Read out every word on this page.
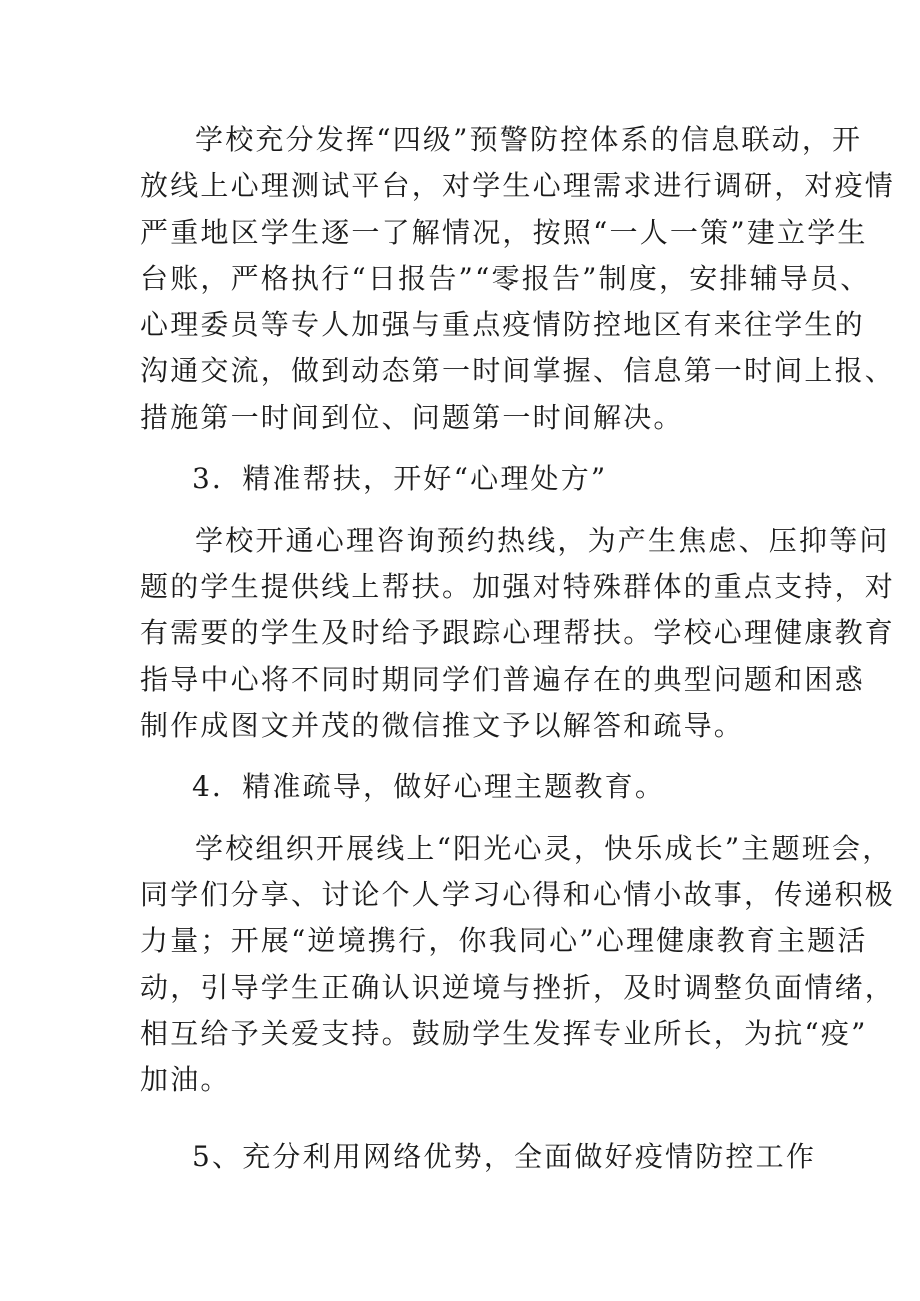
学校充分发挥“四级”预警防控体系的信息联动，开
放线上心理测试平台，对学生心理需求进行调研，对疫情
严重地区学生逐一了解情况，按照“一人一策”建立学生
台账，严格执行“日报告”“零报告”制度，安排辅导员、
心理委员等专人加强与重点疫情防控地区有来往学生的
沟通交流，做到动态第一时间掌握、信息第一时间上报、
措施第一时间到位、问题第一时间解决。
3．精准帮扶，开好“心理处方”
学校开通心理咨询预约热线，为产生焦虑、压抑等问
题的学生提供线上帮扶。加强对特殊群体的重点支持，对
有需要的学生及时给予跟踪心理帮扶。学校心理健康教育
指导中心将不同时期同学们普遍存在的典型问题和困惑
制作成图文并茂的微信推文予以解答和疏导。
4．精准疏导，做好心理主题教育。
学校组织开展线上“阳光心灵，快乐成长”主题班会，
同学们分享、讨论个人学习心得和心情小故事，传递积极
力量；开展“逆境携行，你我同心”心理健康教育主题活
动，引导学生正确认识逆境与挫折，及时调整负面情绪，
相互给予关爱支持。鼓励学生发挥专业所长，为抗“疫”
加油。
5、充分利用网络优势，全面做好疫情防控工作
